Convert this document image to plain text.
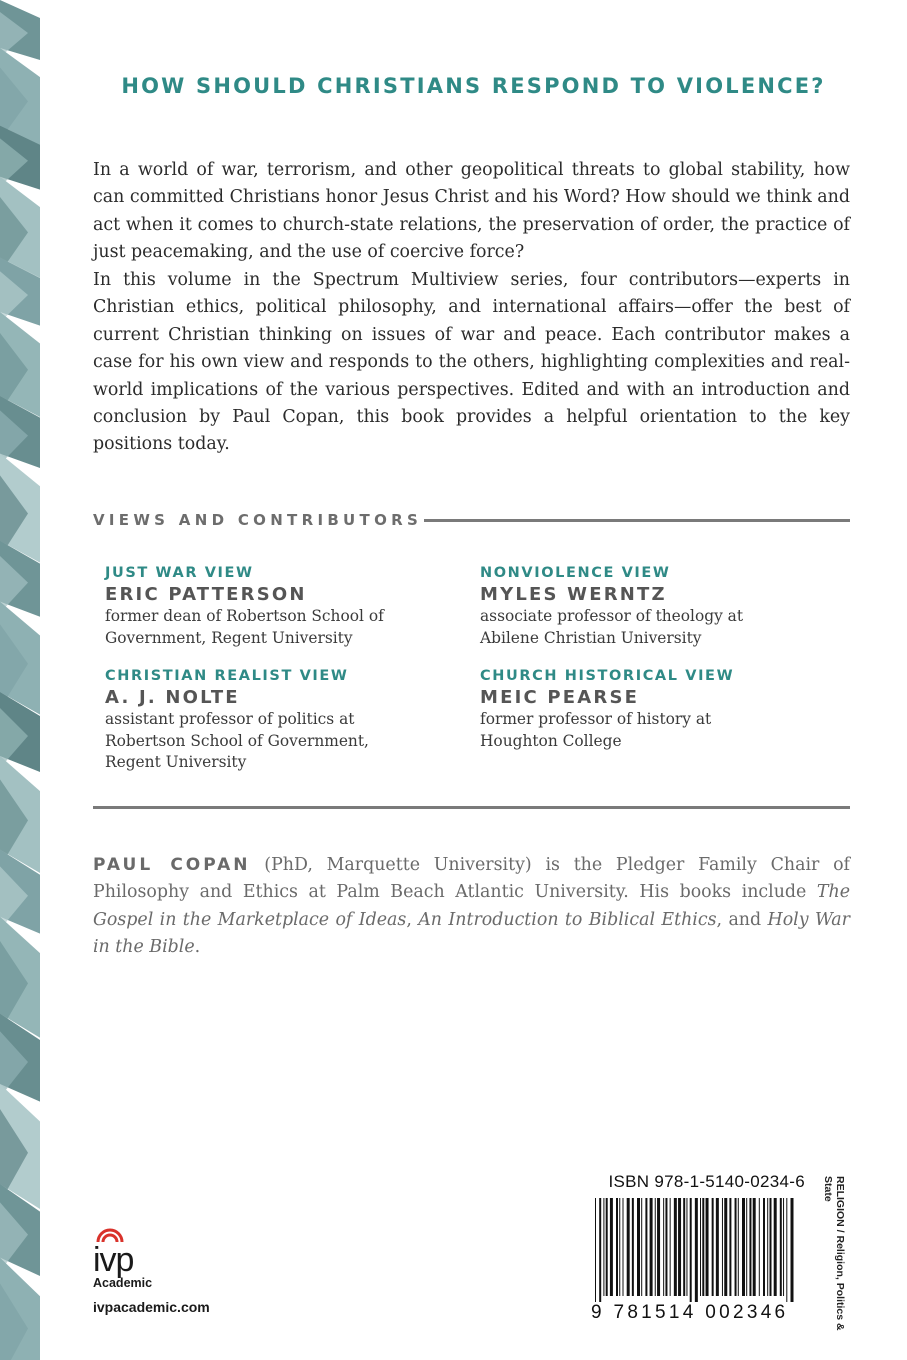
HOW SHOULD CHRISTIANS RESPOND TO VIOLENCE?

In a world of war, terrorism, and other geopolitical threats to global stability, how can committed Christians honor Jesus Christ and his Word? How should we think and act when it comes to church-state relations, the preservation of order, the practice of just peacemaking, and the use of coercive force?

In this volume in the Spectrum Multiview series, four contributors—experts in Christian ethics, political philosophy, and international affairs—offer the best of current Christian thinking on issues of war and peace. Each contributor makes a case for his own view and responds to the others, highlighting complexities and real-world implications of the various perspectives. Edited and with an introduction and conclusion by Paul Copan, this book provides a helpful orientation to the key positions today.

VIEWS AND CONTRIBUTORS
JUST WAR VIEW
ERIC PATTERSON
former dean of Robertson School of
Government, Regent University
NONVIOLENCE VIEW
MYLES WERNTZ
associate professor of theology at
Abilene Christian University
CHRISTIAN REALIST VIEW
A. J. NOLTE
assistant professor of politics at
Robertson School of Government,
Regent University
CHURCH HISTORICAL VIEW
MEIC PEARSE
former professor of history at
Houghton College

PAUL COPAN (PhD, Marquette University) is the Pledger Family Chair of Philosophy and Ethics at Palm Beach Atlantic University. His books include The Gospel in the Marketplace of Ideas, An Introduction to Biblical Ethics, and Holy War in the Bible.

ivp
Academic
ivpacademic.com
ISBN 978-1-5140-0234-6
9 781514 002346	RELIGION / Religion, Politics & State
